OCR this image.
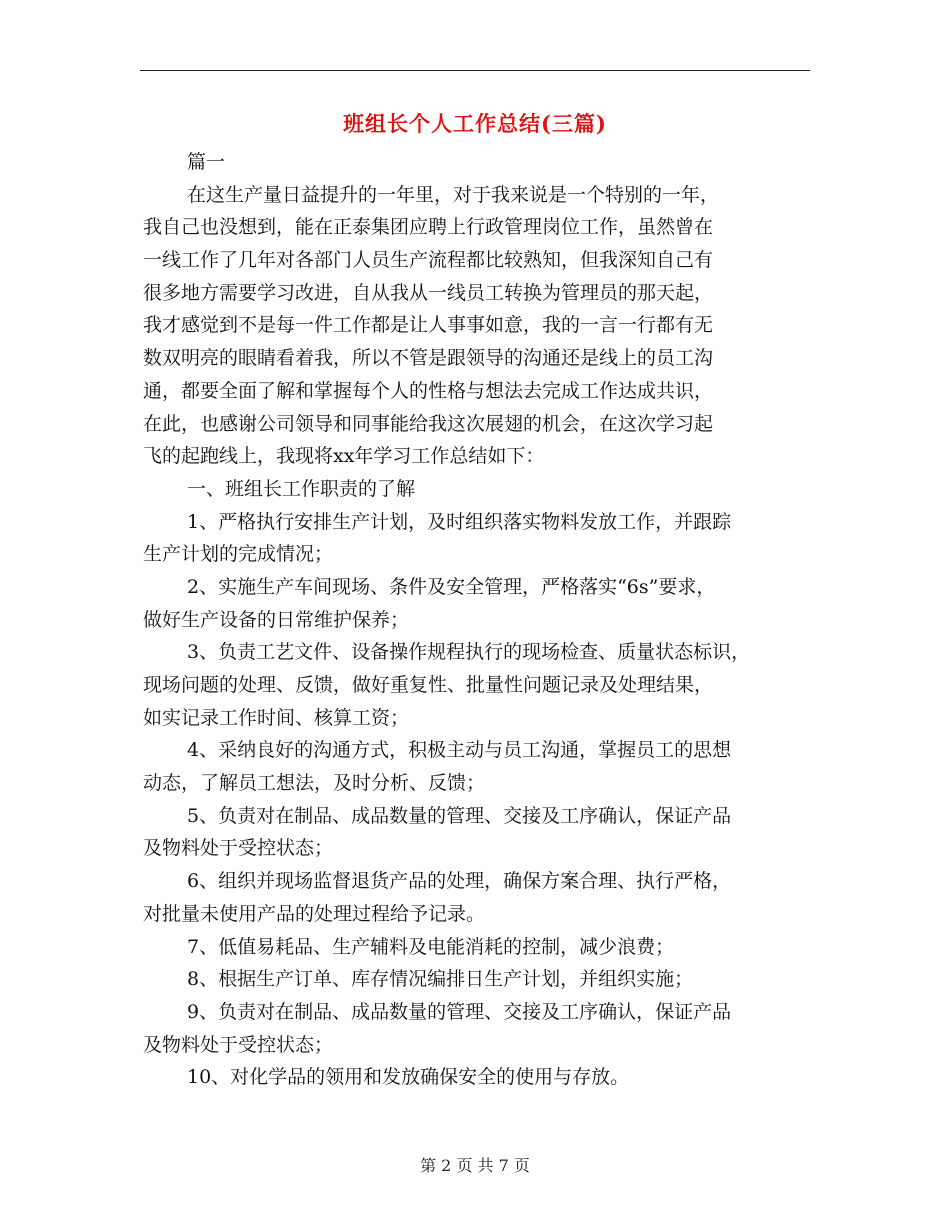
班组长个人工作总结(三篇)
篇一
在这生产量日益提升的一年里，对于我来说是一个特别的一年，
我自己也没想到，能在正泰集团应聘上行政管理岗位工作，虽然曾在
一线工作了几年对各部门人员生产流程都比较熟知，但我深知自己有
很多地方需要学习改进，自从我从一线员工转换为管理员的那天起，
我才感觉到不是每一件工作都是让人事事如意，我的一言一行都有无
数双明亮的眼睛看着我，所以不管是跟领导的沟通还是线上的员工沟
通，都要全面了解和掌握每个人的性格与想法去完成工作达成共识，
在此，也感谢公司领导和同事能给我这次展翅的机会，在这次学习起
飞的起跑线上，我现将xx年学习工作总结如下：
一、班组长工作职责的了解
1、严格执行安排生产计划，及时组织落实物料发放工作，并跟踪
生产计划的完成情况；
2、实施生产车间现场、条件及安全管理，严格落实“6s”要求，
做好生产设备的日常维护保养；
3、负责工艺文件、设备操作规程执行的现场检查、质量状态标识，
现场问题的处理、反馈，做好重复性、批量性问题记录及处理结果，
如实记录工作时间、核算工资；
4、采纳良好的沟通方式，积极主动与员工沟通，掌握员工的思想
动态，了解员工想法，及时分析、反馈；
5、负责对在制品、成品数量的管理、交接及工序确认，保证产品
及物料处于受控状态；
6、组织并现场监督退货产品的处理，确保方案合理、执行严格，
对批量未使用产品的处理过程给予记录。
7、低值易耗品、生产辅料及电能消耗的控制，减少浪费；
8、根据生产订单、库存情况编排日生产计划，并组织实施；
9、负责对在制品、成品数量的管理、交接及工序确认，保证产品
及物料处于受控状态；
10、对化学品的领用和发放确保安全的使用与存放。
第 2 页 共 7 页
